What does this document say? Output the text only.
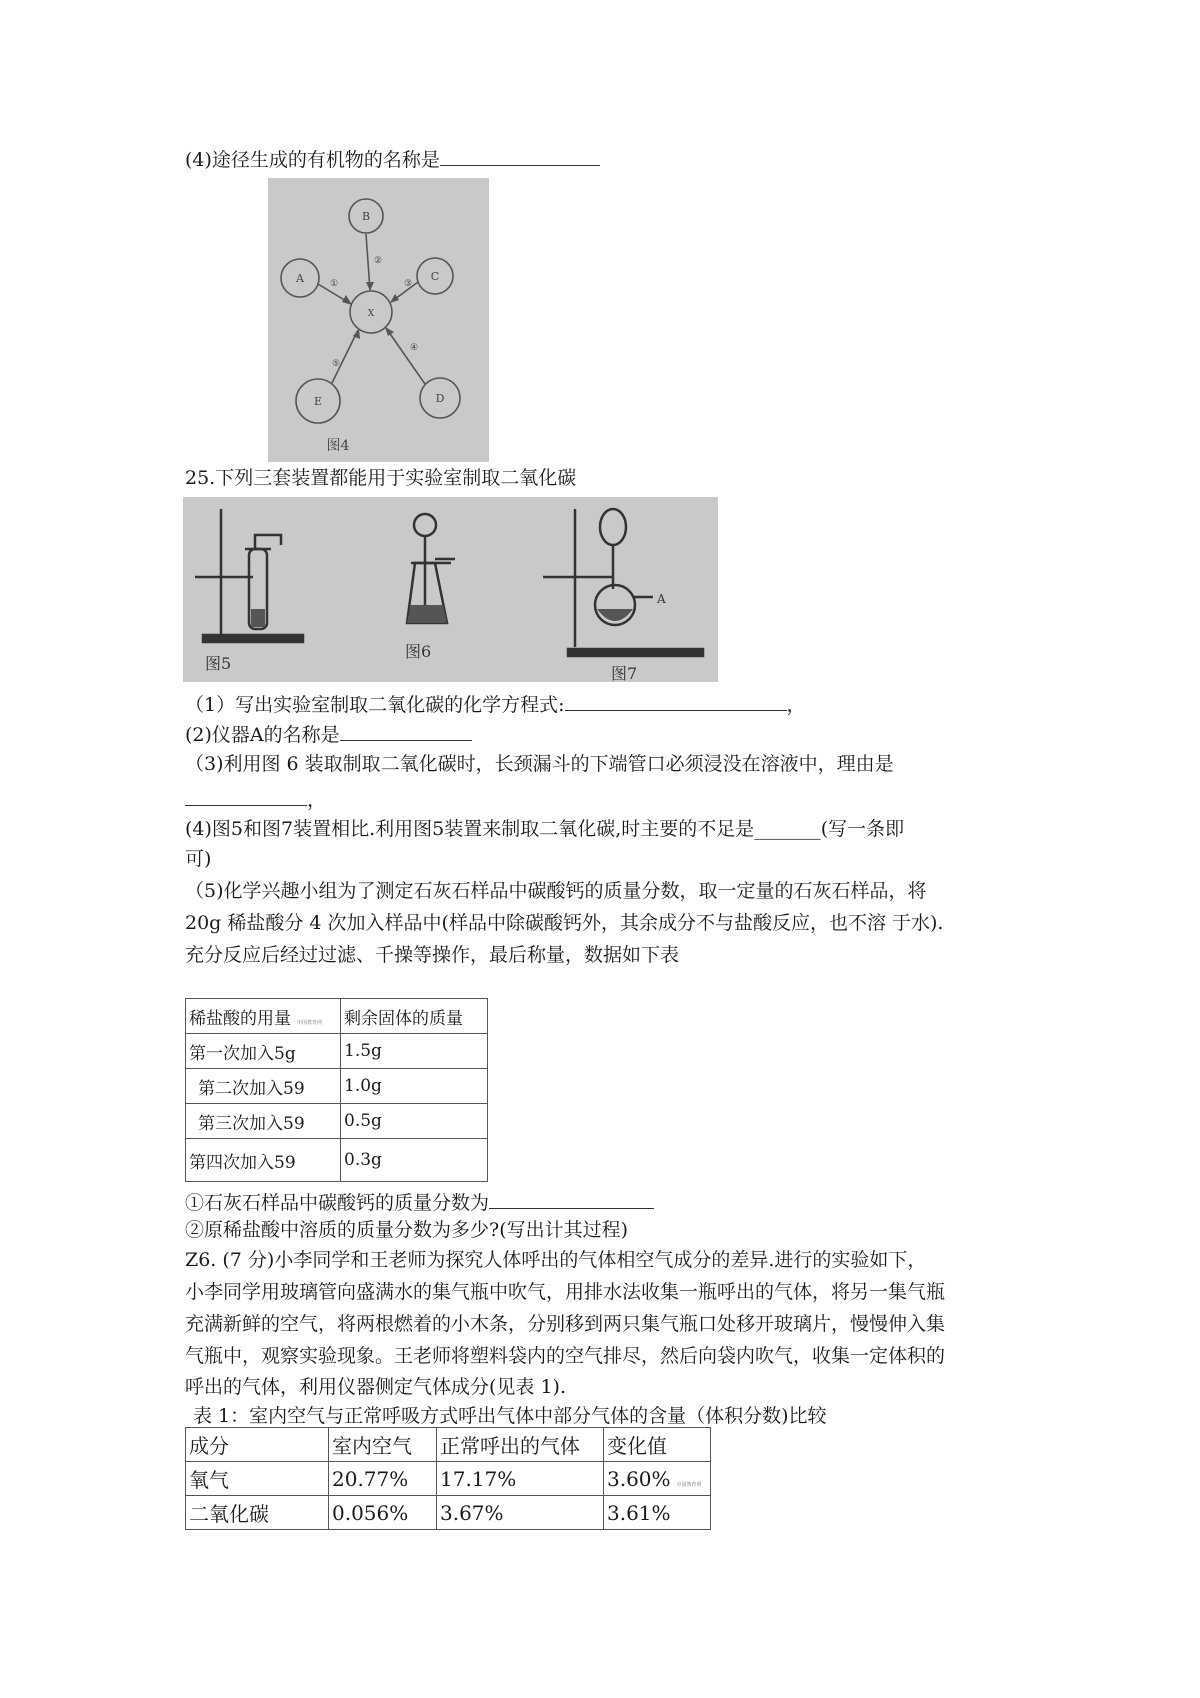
(4)途径生成的有机物的名称是
B
A	C
X
E	D
②
①	③
④
⑤
图4
25.下列三套装置都能用于实验室制取二氧化碳
图5
图6
图7
A
（1）写出实验室制取二氧化碳的化学方程式:	，
(2)仪器A的名称是
（3)利用图 6 装取制取二氧化碳时，长颈漏斗的下端管口必须浸没在溶液中，理由是
，
(4)图5和图7装置相比.利用图5装置来制取二氧化碳,时主要的不足是_______(写一条即
可)
（5)化学兴趣小组为了测定石灰石样品中碳酸钙的质量分数，取一定量的石灰石样品，将
20g 稀盐酸分 4 次加入样品中(样品中除碳酸钙外，其余成分不与盐酸反应，也不溶 于水).
充分反应后经过过滤、千操等操作，最后称量，数据如下表
稀盐酸的用量 中国教育网	剩余固体的质量
第一次加入5g	1.5g
第二次加入59	1.0g
第三次加入59	0.5g
第四次加入59	0.3g
①石灰石样品中碳酸钙的质量分数为
②原稀盐酸中溶质的质量分数为多少?(写出计其过程)
Z6. (7 分)小李同学和王老师为探究人体呼出的气体相空气成分的差异.进行的实验如下，
小李同学用玻璃管向盛满水的集气瓶中吹气，用排水法收集一瓶呼出的气体，将另一集气瓶
充满新鲜的空气，将两根燃着的小木条，分别移到两只集气瓶口处移开玻璃片，慢慢伸入集
气瓶中，观察实验现象。王老师将塑料袋内的空气排尽，然后向袋内吹气，收集一定体积的
呼出的气体，利用仪器侧定气体成分(见表 1).
表 1：室内空气与正常呼吸方式呼出气体中部分气体的含量（体积分数)比较
成分	室内空气	正常呼出的气体	变化值
氧气	20.77%	17.17%	3.60% 中国教育网
二氧化碳	0.056%	3.67%	3.61%
